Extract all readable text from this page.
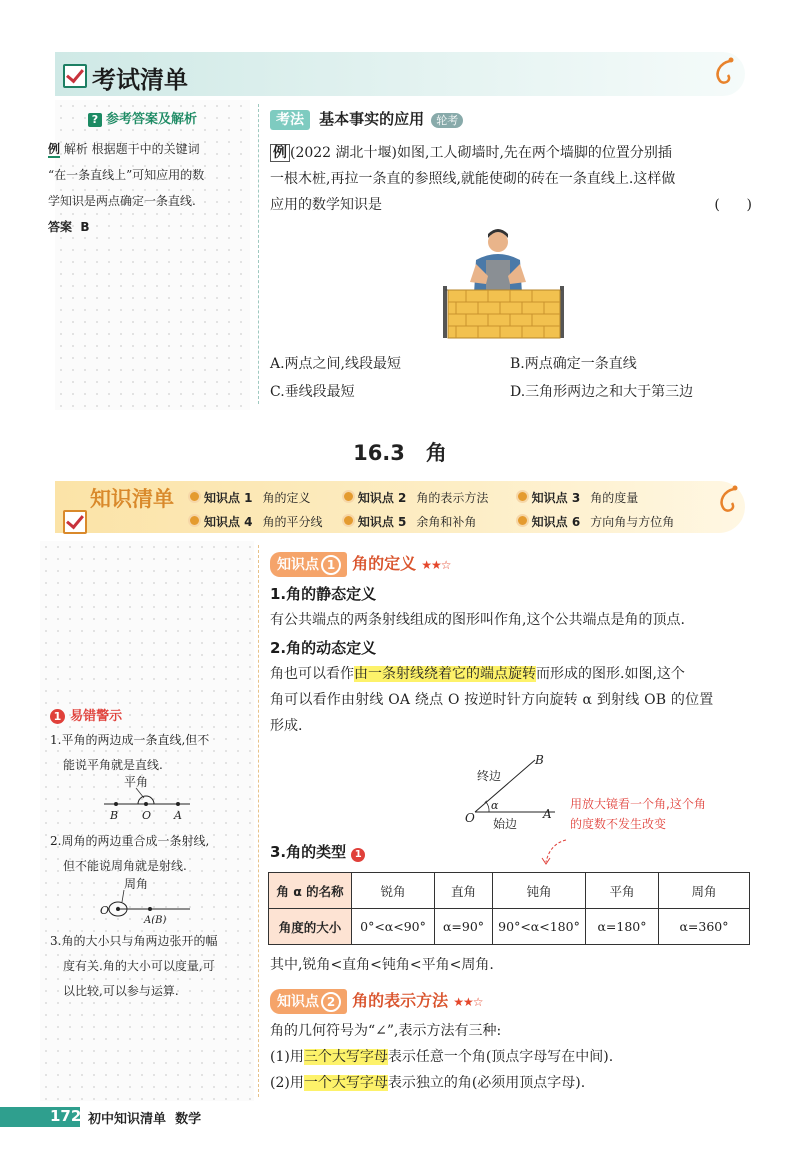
考试清单
? 参考答案及解析
例 解析 根据题干中的关键词
“在一条直线上”可知应用的数
学知识是两点确定一条直线.
答案 B
考法 基本事实的应用 轮考
例 (2022 湖北十堰)如图,工人砌墙时,先在两个墙脚的位置分别插
一根木桩,再拉一条直的参照线,就能使砌的砖在一条直线上.这样做
应用的数学知识是	(      )
A.两点之间,线段最短	B.两点确定一条直线
C.垂线段最短	D.三角形两边之和大于第三边
16.3　角
知识清单	知识点 1 角的定义	知识点 2 角的表示方法	知识点 3 角的度量
知识点 4 角的平分线	知识点 5 余角和补角	知识点 6 方向角与方位角
1 易错警示
1.平角的两边成一条直线,但不
能说平角就是直线.
平角
B O A
2.周角的两边重合成一条射线,
但不能说周角就是射线.
周角
O
A(B)
3.角的大小只与角两边张开的幅
度有关.角的大小可以度量,可
以比较,可以参与运算.
知识点 1 角的定义 ★★☆
1.角的静态定义
有公共端点的两条射线组成的图形叫作角,这个公共端点是角的顶点.
2.角的动态定义
角也可以看作由一条射线绕着它的端点旋转而形成的图形.如图,这个
角可以看作由射线 OA 绕点 O 按逆时针方向旋转 α 到射线 OB 的位置
形成.
O	A
B
α
终边
始边
用放大镜看一个角,这个角
的度数不发生改变
3.角的类型 1
角 α 的名称	锐角	直角	钝角	平角	周角
角度的大小	0°<α<90°	α=90°	90°<α<180°	α=180°	α=360°
其中,锐角<直角<钝角<平角<周角.
知识点 2 角的表示方法 ★★☆
角的几何符号为“∠”,表示方法有三种:
(1)用三个大写字母表示任意一个角(顶点字母写在中间).
(2)用一个大写字母表示独立的角(必须用顶点字母).
172 初中知识清单 数学
